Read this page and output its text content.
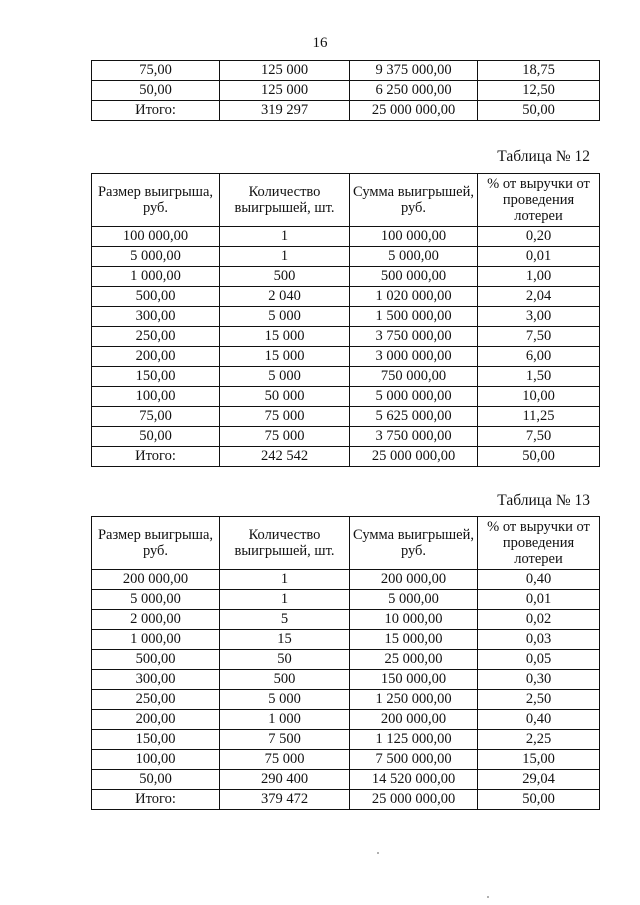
16
75,00	125 000	9 375 000,00	18,75
50,00	125 000	6 250 000,00	12,50
Итого:	319 297	25 000 000,00	50,00
Таблица № 12
Размер выигрыша, руб.	Количество выигрышей, шт.	Сумма выигрышей, руб.	% от выручки от проведения лотереи
100 000,00	1	100 000,00	0,20
5 000,00	1	5 000,00	0,01
1 000,00	500	500 000,00	1,00
500,00	2 040	1 020 000,00	2,04
300,00	5 000	1 500 000,00	3,00
250,00	15 000	3 750 000,00	7,50
200,00	15 000	3 000 000,00	6,00
150,00	5 000	750 000,00	1,50
100,00	50 000	5 000 000,00	10,00
75,00	75 000	5 625 000,00	11,25
50,00	75 000	3 750 000,00	7,50
Итого:	242 542	25 000 000,00	50,00
Таблица № 13
Размер выигрыша, руб.	Количество выигрышей, шт.	Сумма выигрышей, руб.	% от выручки от проведения лотереи
200 000,00	1	200 000,00	0,40
5 000,00	1	5 000,00	0,01
2 000,00	5	10 000,00	0,02
1 000,00	15	15 000,00	0,03
500,00	50	25 000,00	0,05
300,00	500	150 000,00	0,30
250,00	5 000	1 250 000,00	2,50
200,00	1 000	200 000,00	0,40
150,00	7 500	1 125 000,00	2,25
100,00	75 000	7 500 000,00	15,00
50,00	290 400	14 520 000,00	29,04
Итого:	379 472	25 000 000,00	50,00
